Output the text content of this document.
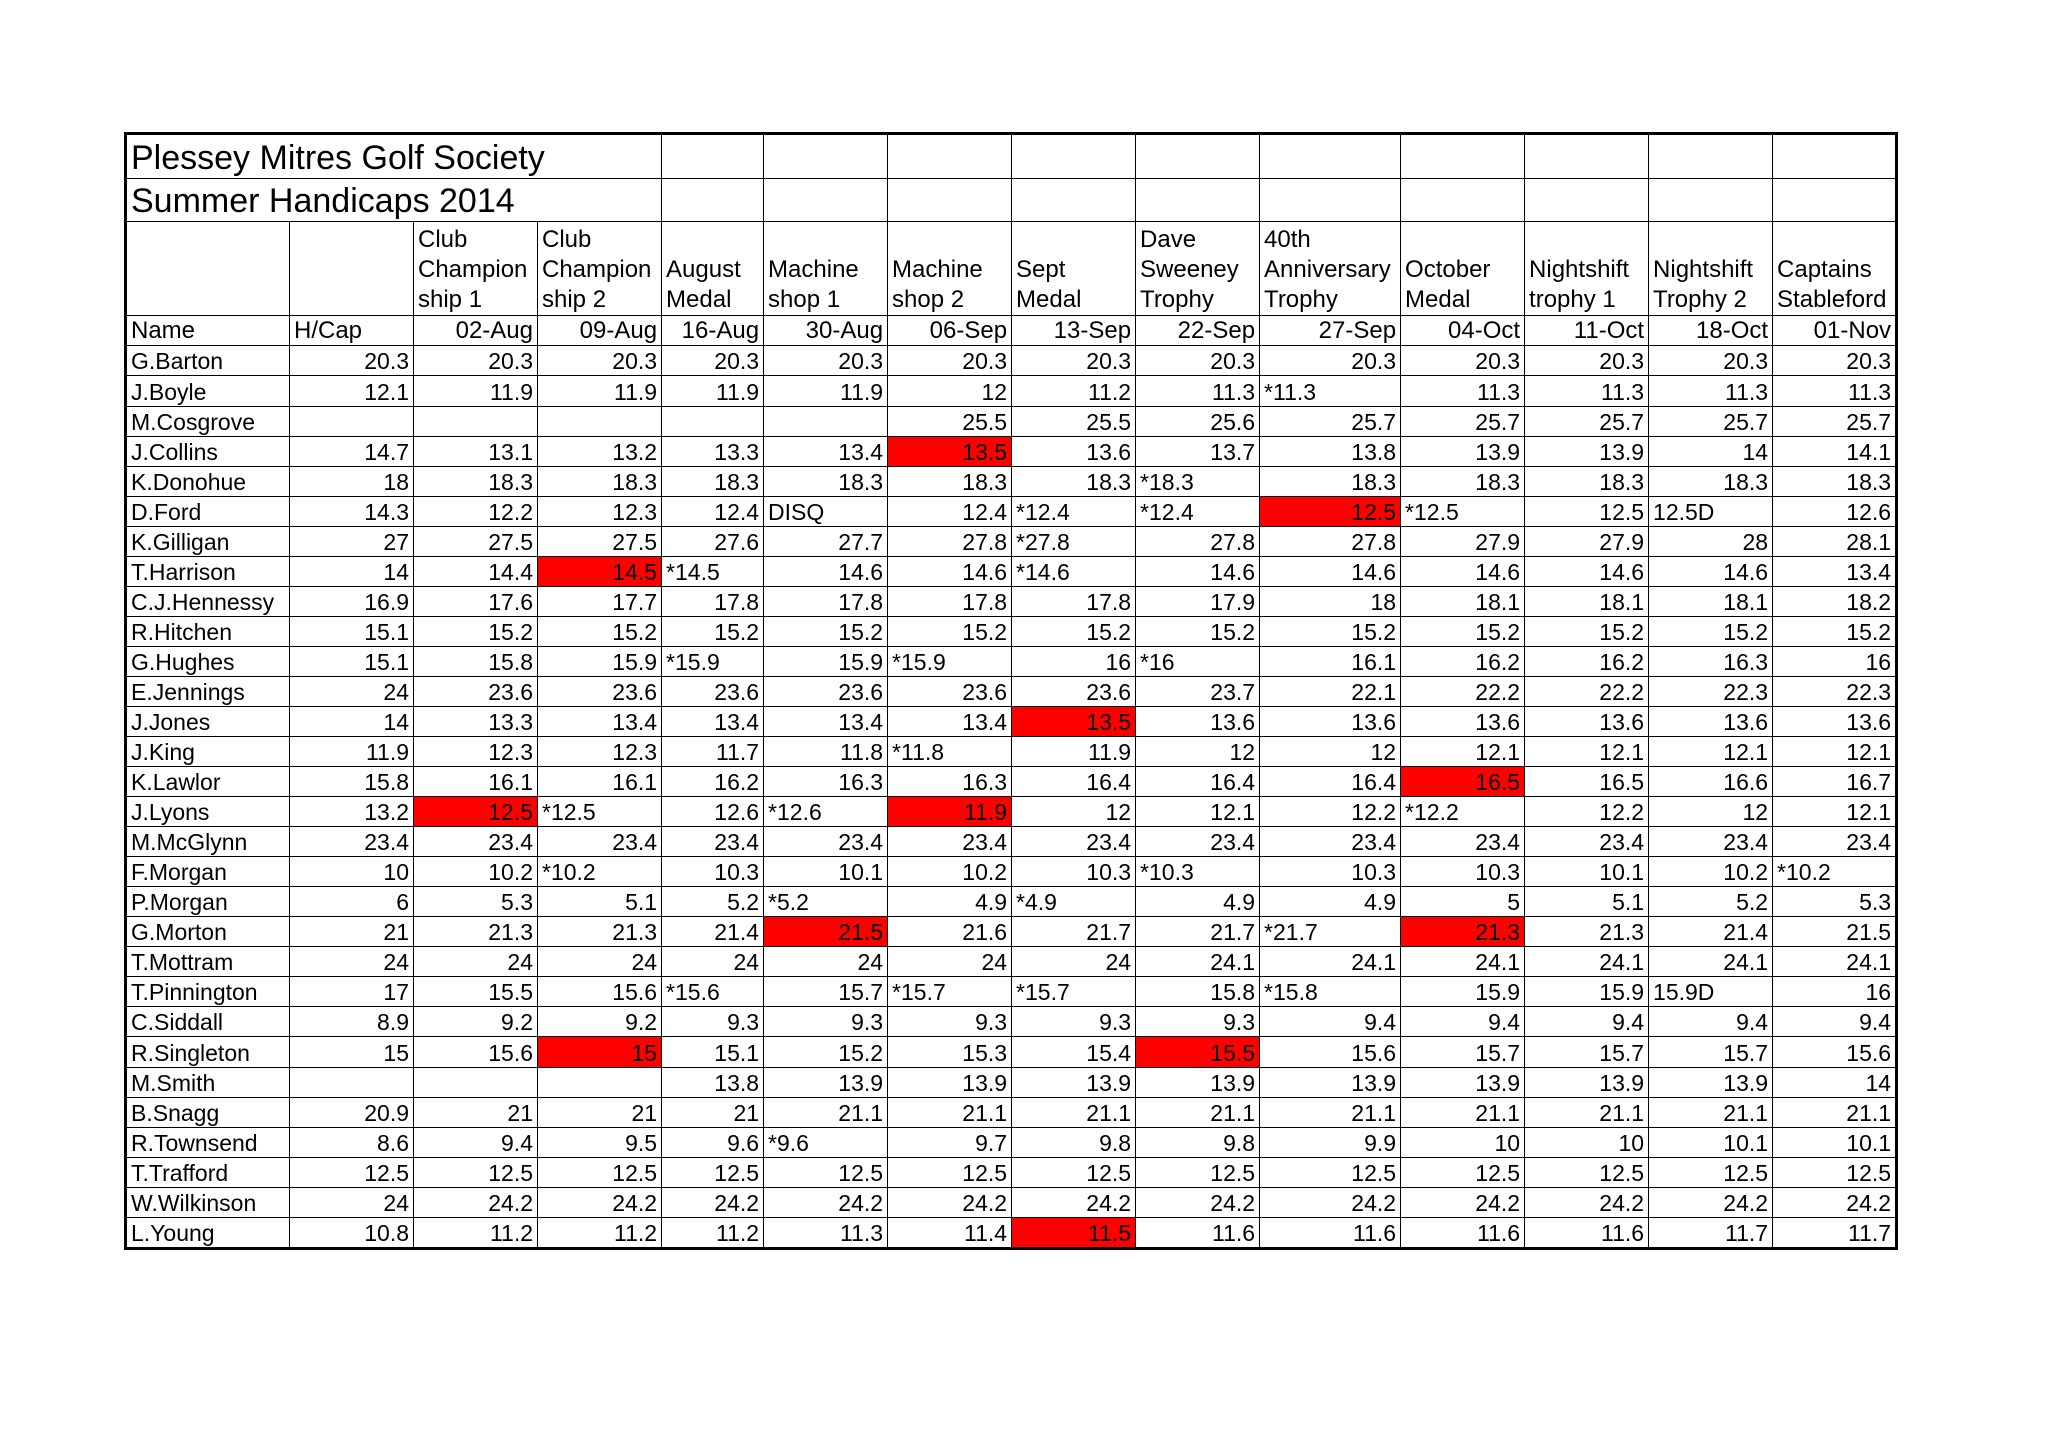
Plessey Mitres Golf Society													
Summer Handicaps 2014													
		Club
Champion
ship 1	Club
Champion
ship 2	August
Medal	Machine
shop 1	Machine
shop 2	Sept
Medal	Dave
Sweeney
Trophy	40th
Anniversary
Trophy	October
Medal	Nightshift
trophy 1	Nightshift
Trophy 2	Captains
Stableford
Name	H/Cap	02-Aug	09-Aug	16-Aug	30-Aug	06-Sep	13-Sep	22-Sep	27-Sep	04-Oct	11-Oct	18-Oct	01-Nov
G.Barton	20.3	20.3	20.3	20.3	20.3	20.3	20.3	20.3	20.3	20.3	20.3	20.3	20.3
J.Boyle	12.1	11.9	11.9	11.9	11.9	12	11.2	11.3	*11.3	11.3	11.3	11.3	11.3
M.Cosgrove						25.5	25.5	25.6	25.7	25.7	25.7	25.7	25.7
J.Collins	14.7	13.1	13.2	13.3	13.4	13.5	13.6	13.7	13.8	13.9	13.9	14	14.1
K.Donohue	18	18.3	18.3	18.3	18.3	18.3	18.3	*18.3	18.3	18.3	18.3	18.3	18.3
D.Ford	14.3	12.2	12.3	12.4	DISQ	12.4	*12.4	*12.4	12.5	*12.5	12.5	12.5D	12.6
K.Gilligan	27	27.5	27.5	27.6	27.7	27.8	*27.8	27.8	27.8	27.9	27.9	28	28.1
T.Harrison	14	14.4	14.5	*14.5	14.6	14.6	*14.6	14.6	14.6	14.6	14.6	14.6	13.4
C.J.Hennessy	16.9	17.6	17.7	17.8	17.8	17.8	17.8	17.9	18	18.1	18.1	18.1	18.2
R.Hitchen	15.1	15.2	15.2	15.2	15.2	15.2	15.2	15.2	15.2	15.2	15.2	15.2	15.2
G.Hughes	15.1	15.8	15.9	*15.9	15.9	*15.9	16	*16	16.1	16.2	16.2	16.3	16
E.Jennings	24	23.6	23.6	23.6	23.6	23.6	23.6	23.7	22.1	22.2	22.2	22.3	22.3
J.Jones	14	13.3	13.4	13.4	13.4	13.4	13.5	13.6	13.6	13.6	13.6	13.6	13.6
J.King	11.9	12.3	12.3	11.7	11.8	*11.8	11.9	12	12	12.1	12.1	12.1	12.1
K.Lawlor	15.8	16.1	16.1	16.2	16.3	16.3	16.4	16.4	16.4	16.5	16.5	16.6	16.7
J.Lyons	13.2	12.5	*12.5	12.6	*12.6	11.9	12	12.1	12.2	*12.2	12.2	12	12.1
M.McGlynn	23.4	23.4	23.4	23.4	23.4	23.4	23.4	23.4	23.4	23.4	23.4	23.4	23.4
F.Morgan	10	10.2	*10.2	10.3	10.1	10.2	10.3	*10.3	10.3	10.3	10.1	10.2	*10.2
P.Morgan	6	5.3	5.1	5.2	*5.2	4.9	*4.9	4.9	4.9	5	5.1	5.2	5.3
G.Morton	21	21.3	21.3	21.4	21.5	21.6	21.7	21.7	*21.7	21.3	21.3	21.4	21.5
T.Mottram	24	24	24	24	24	24	24	24.1	24.1	24.1	24.1	24.1	24.1
T.Pinnington	17	15.5	15.6	*15.6	15.7	*15.7	*15.7	15.8	*15.8	15.9	15.9	15.9D	16
C.Siddall	8.9	9.2	9.2	9.3	9.3	9.3	9.3	9.3	9.4	9.4	9.4	9.4	9.4
R.Singleton	15	15.6	15	15.1	15.2	15.3	15.4	15.5	15.6	15.7	15.7	15.7	15.6
M.Smith				13.8	13.9	13.9	13.9	13.9	13.9	13.9	13.9	13.9	14
B.Snagg	20.9	21	21	21	21.1	21.1	21.1	21.1	21.1	21.1	21.1	21.1	21.1
R.Townsend	8.6	9.4	9.5	9.6	*9.6	9.7	9.8	9.8	9.9	10	10	10.1	10.1
T.Trafford	12.5	12.5	12.5	12.5	12.5	12.5	12.5	12.5	12.5	12.5	12.5	12.5	12.5
W.Wilkinson	24	24.2	24.2	24.2	24.2	24.2	24.2	24.2	24.2	24.2	24.2	24.2	24.2
L.Young	10.8	11.2	11.2	11.2	11.3	11.4	11.5	11.6	11.6	11.6	11.6	11.7	11.7
